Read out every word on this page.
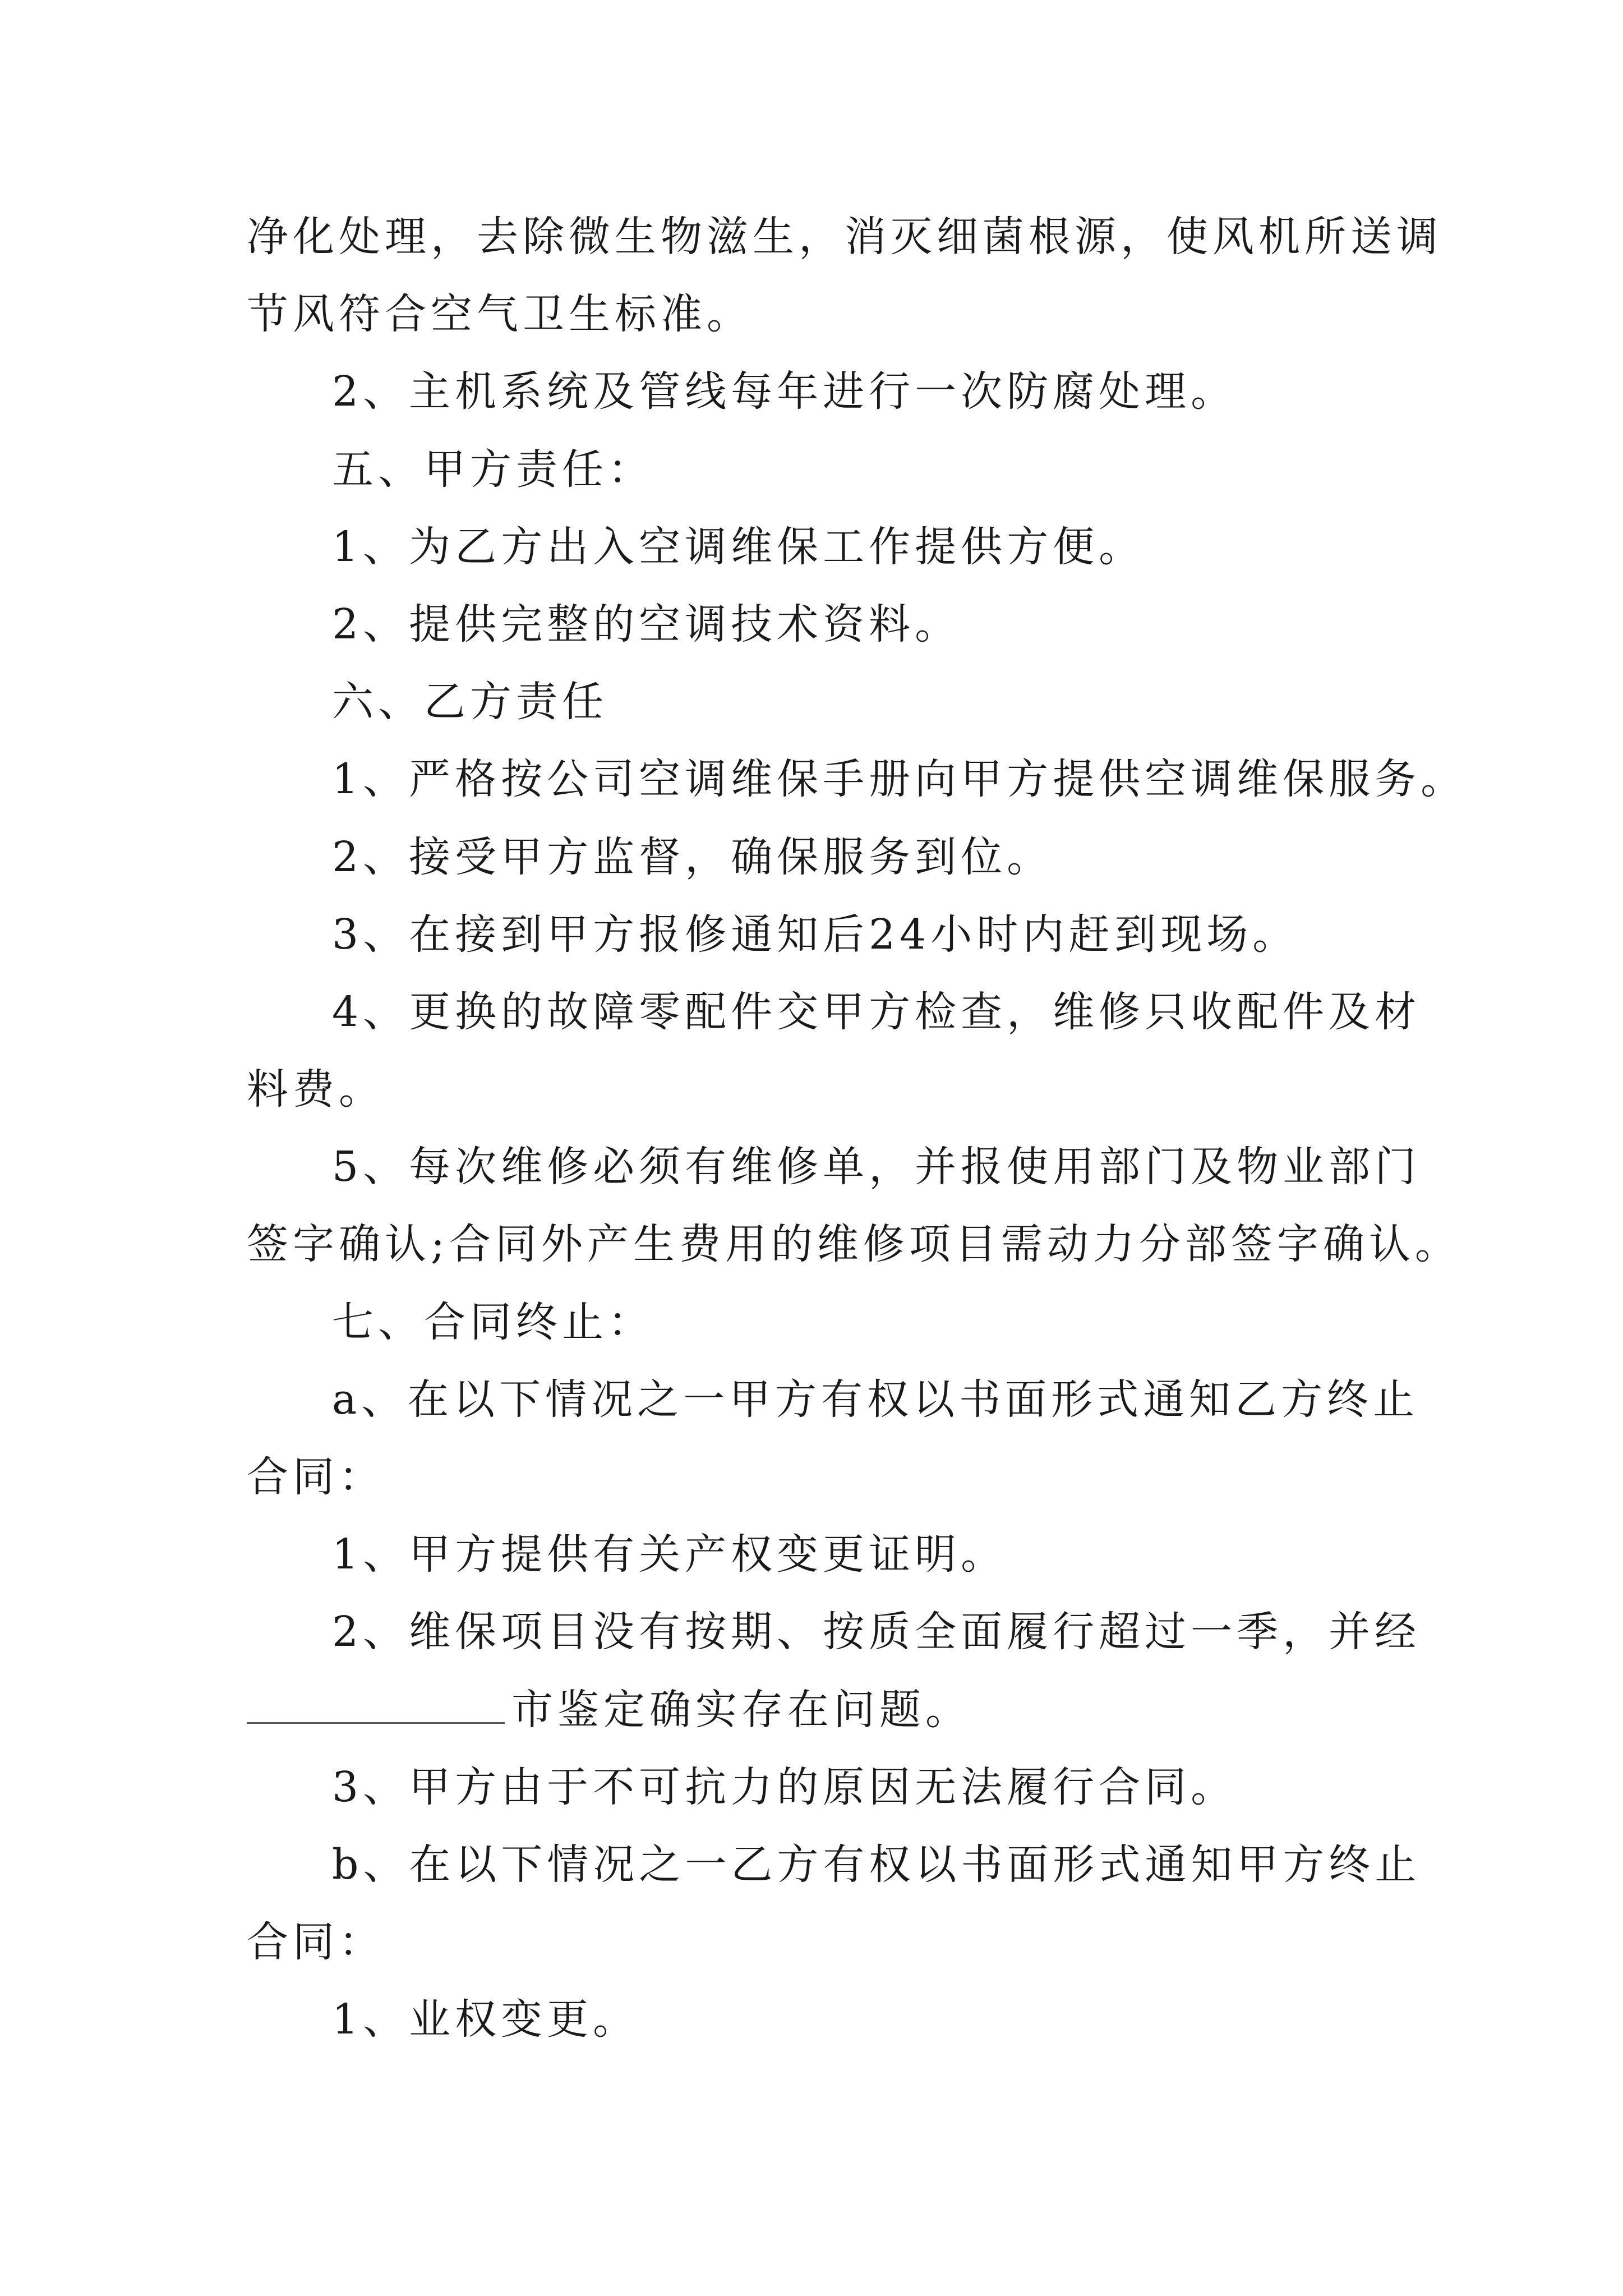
净化处理，去除微生物滋生，消灭细菌根源，使风机所送调
节风符合空气卫生标准。
2、主机系统及管线每年进行一次防腐处理。
五、甲方责任：
1、为乙方出入空调维保工作提供方便。
2、提供完整的空调技术资料。
六、乙方责任
1、严格按公司空调维保手册向甲方提供空调维保服务。
2、接受甲方监督，确保服务到位。
3、在接到甲方报修通知后24小时内赶到现场。
4、更换的故障零配件交甲方检查，维修只收配件及材
料费。
5、每次维修必须有维修单，并报使用部门及物业部门
签字确认;合同外产生费用的维修项目需动力分部签字确认。
七、合同终止：
a、在以下情况之一甲方有权以书面形式通知乙方终止
合同：
1、甲方提供有关产权变更证明。
2、维保项目没有按期、按质全面履行超过一季，并经
市鉴定确实存在问题。
3、甲方由于不可抗力的原因无法履行合同。
b、在以下情况之一乙方有权以书面形式通知甲方终止
合同：
1、业权变更。
